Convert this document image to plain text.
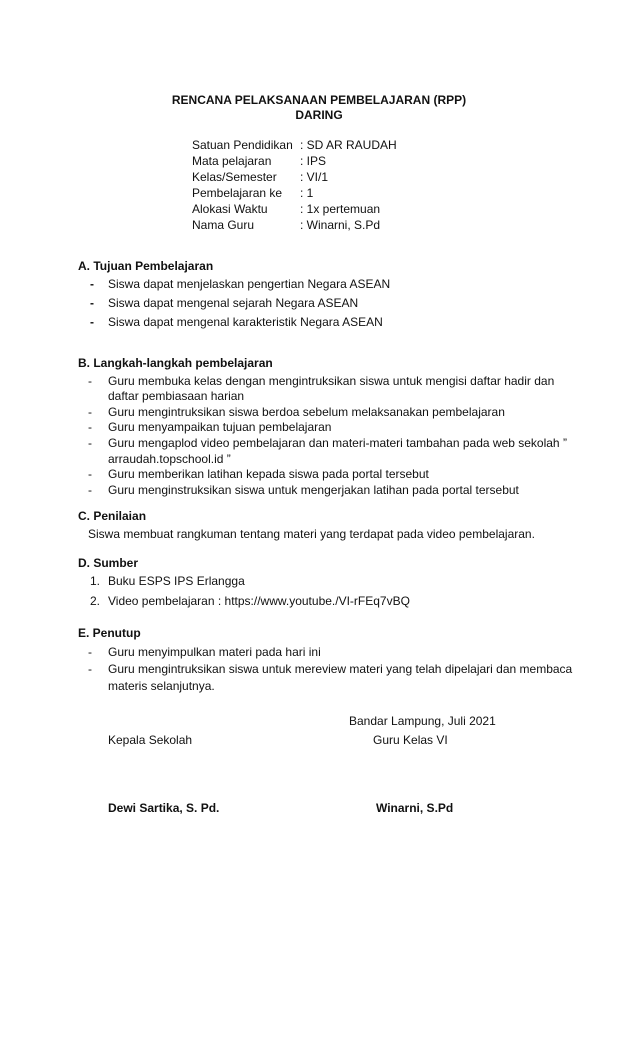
RENCANA PELAKSANAAN PEMBELAJARAN (RPP)
DARING
Satuan Pendidikan : SD AR RAUDAH
Mata pelajaran	: IPS
Kelas/Semester	: VI/1
Pembelajaran ke	: 1
Alokasi Waktu	: 1x pertemuan
Nama Guru	: Winarni, S.Pd
A. Tujuan Pembelajaran
- Siswa dapat menjelaskan pengertian Negara ASEAN
- Siswa dapat mengenal sejarah Negara ASEAN
- Siswa dapat mengenal karakteristik Negara ASEAN
B. Langkah-langkah pembelajaran
- Guru membuka kelas dengan mengintruksikan siswa untuk mengisi daftar hadir dan daftar pembiasaan harian
- Guru mengintruksikan siswa berdoa sebelum melaksanakan pembelajaran
- Guru menyampaikan tujuan pembelajaran
- Guru mengaplod video pembelajaran dan materi-materi tambahan pada web sekolah ” arraudah.topschool.id ”
- Guru memberikan latihan kepada siswa pada portal tersebut
- Guru menginstruksikan siswa untuk mengerjakan latihan pada portal tersebut
C. Penilaian
Siswa membuat rangkuman tentang materi yang terdapat pada video pembelajaran.
D. Sumber
1. Buku ESPS IPS Erlangga
2. Video pembelajaran : https://www.youtube./VI-rFEq7vBQ
E. Penutup
- Guru menyimpulkan materi pada hari ini
- Guru mengintruksikan siswa untuk mereview materi yang telah dipelajari dan membaca materis selanjutnya.
Bandar Lampung, Juli 2021
Kepala Sekolah	Guru Kelas VI
Dewi Sartika, S. Pd.	Winarni, S.Pd
